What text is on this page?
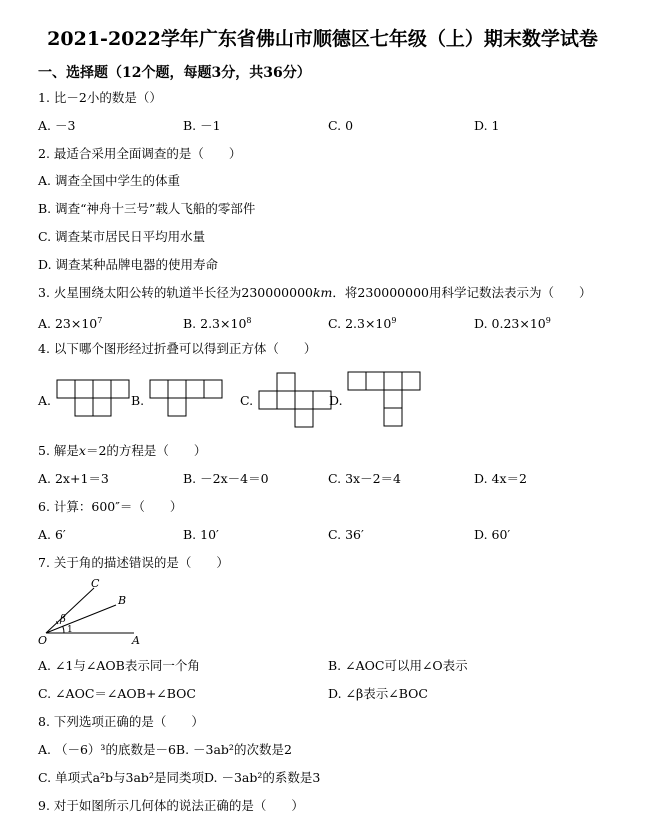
2021-2022学年广东省佛山市顺德区七年级（上）期末数学试卷
一、选择题（12个题，每题3分，共36分）
1. 比－2小的数是（）
A. －3	B. －1	C. 0	D. 1
2. 最适合采用全面调查的是（　　）
A. 调查全国中学生的体重
B. 调查“神舟十三号”载人飞船的零部件
C. 调查某市居民日平均用水量
D. 调查某种品牌电器的使用寿命
3. 火星围绕太阳公转的轨道半长径为230000000km．将230000000用科学记数法表示为（　　）
A. $23\times 10^7$	B. $2.3\times 10^8$	C. $2.3\times 10^9$	D. $0.23\times 10^9$
4. 以下哪个图形经过折叠可以得到正方体（　　）
A.	B.	C.	D.
5. 解是x＝2的方程是（　　）
A. 2x+1＝3	B. －2x－4＝0	C. 3x－2＝4	D. 4x＝2
6. 计算：600″＝（　　）
A. 6′	B. 10′	C. 36′	D. 60′
7. 关于角的描述错误的是（　　）
C
B
O	A
β
1
A. ∠1与∠AOB表示同一个角	B. ∠AOC可以用∠O表示
C. ∠AOC＝∠AOB+∠BOC	D. ∠β表示∠BOC
8. 下列选项正确的是（　　）
A. （－6）³的底数是－6B. －3ab²的次数是2
C. 单项式a²b与3ab²是同类项D. －3ab²的系数是3
9. 对于如图所示几何体的说法正确的是（　　）
